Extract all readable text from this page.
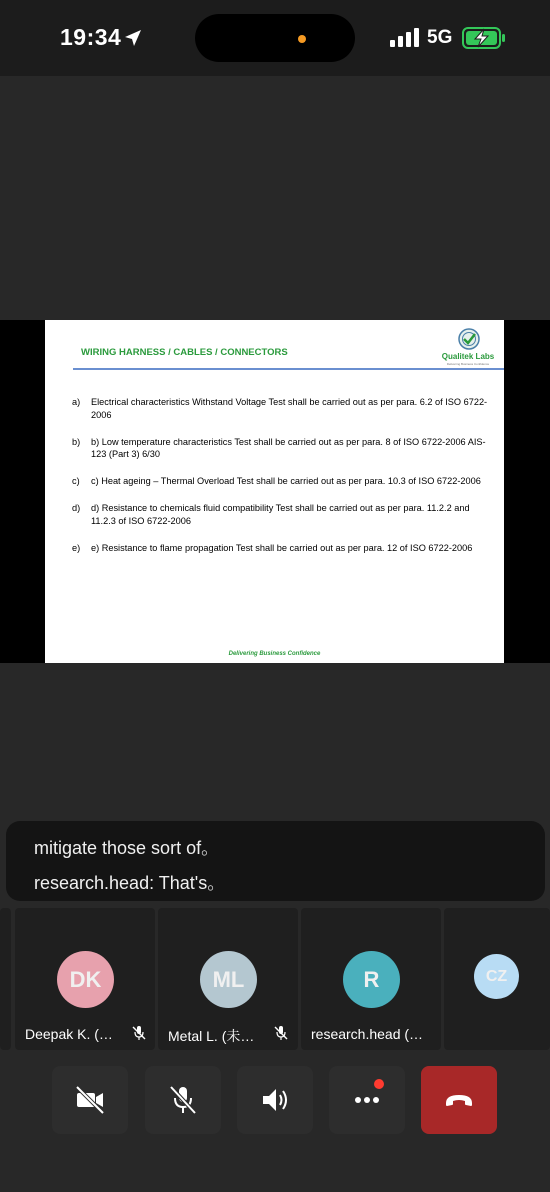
19:34	5G
WIRING HARNESS / CABLES / CONNECTORS	Qualitek Labs
Delivering Business Confidence
a) Electrical characteristics Withstand Voltage Test shall be carried out as per para. 6.2 of ISO 6722-2006
b) b) Low temperature characteristics Test shall be carried out as per para. 8 of ISO 6722-2006 AIS-123 (Part 3) 6/30
c) c) Heat ageing – Thermal Overload Test shall be carried out as per para. 10.3 of ISO 6722-2006
d) d) Resistance to chemicals fluid compatibility Test shall be carried out as per para. 11.2.2 and 11.2.3 of ISO 6722-2006
e) e) Resistance to flame propagation Test shall be carried out as per para. 12 of ISO 6722-2006
Delivering Business Confidence
mitigate those sort of。
research.head: That's。
DK
Deepak K. (…
ML
Metal L. (未…
R
research.head (…
CZ
